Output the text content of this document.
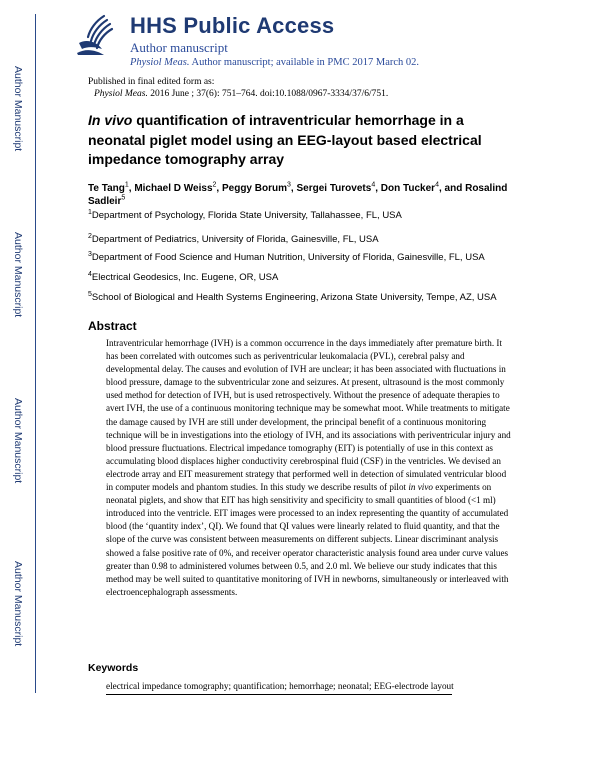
Author Manuscript
Author Manuscript
Author Manuscript
Author Manuscript
HHS Public Access
Author manuscript
Physiol Meas. Author manuscript; available in PMC 2017 March 02.
Published in final edited form as:
Physiol Meas. 2016 June ; 37(6): 751–764. doi:10.1088/0967-3334/37/6/751.
In vivo quantification of intraventricular hemorrhage in a neonatal piglet model using an EEG-layout based electrical impedance tomography array
Te Tang$^1$, Michael D Weiss$^2$, Peggy Borum$^3$, Sergei Turovets$^4$, Don Tucker$^4$, and Rosalind Sadleir$^5$
$^1$Department of Psychology, Florida State University, Tallahassee, FL, USA
$^2$Department of Pediatrics, University of Florida, Gainesville, FL, USA
$^3$Department of Food Science and Human Nutrition, University of Florida, Gainesville, FL, USA
$^4$Electrical Geodesics, Inc. Eugene, OR, USA
$^5$School of Biological and Health Systems Engineering, Arizona State University, Tempe, AZ, USA
Abstract
Intraventricular hemorrhage (IVH) is a common occurrence in the days immediately after premature birth. It has been correlated with outcomes such as periventricular leukomalacia (PVL), cerebral palsy and developmental delay. The causes and evolution of IVH are unclear; it has been associated with fluctuations in blood pressure, damage to the subventricular zone and seizures. At present, ultrasound is the most commonly used method for detection of IVH, but is used retrospectively. Without the presence of adequate therapies to avert IVH, the use of a continuous monitoring technique may be somewhat moot. While treatments to mitigate the damage caused by IVH are still under development, the principal benefit of a continuous monitoring technique will be in investigations into the etiology of IVH, and its associations with periventricular injury and blood pressure fluctuations. Electrical impedance tomography (EIT) is potentially of use in this context as accumulating blood displaces higher conductivity cerebrospinal fluid (CSF) in the ventricles. We devised an electrode array and EIT measurement strategy that performed well in detection of simulated ventricular blood in computer models and phantom studies. In this study we describe results of pilot in vivo experiments on neonatal piglets, and show that EIT has high sensitivity and specificity to small quantities of blood (<1 ml) introduced into the ventricle. EIT images were processed to an index representing the quantity of accumulated blood (the ‘quantity index’, QI). We found that QI values were linearly related to fluid quantity, and that the slope of the curve was consistent between measurements on different subjects. Linear discriminant analysis showed a false positive rate of 0%, and receiver operator characteristic analysis found area under curve values greater than 0.98 to administered volumes between 0.5, and 2.0 ml. We believe our study indicates that this method may be well suited to quantitative monitoring of IVH in newborns, simultaneously or interleaved with electroencephalograph assessments.
Keywords
electrical impedance tomography; quantification; hemorrhage; neonatal; EEG-electrode layout
